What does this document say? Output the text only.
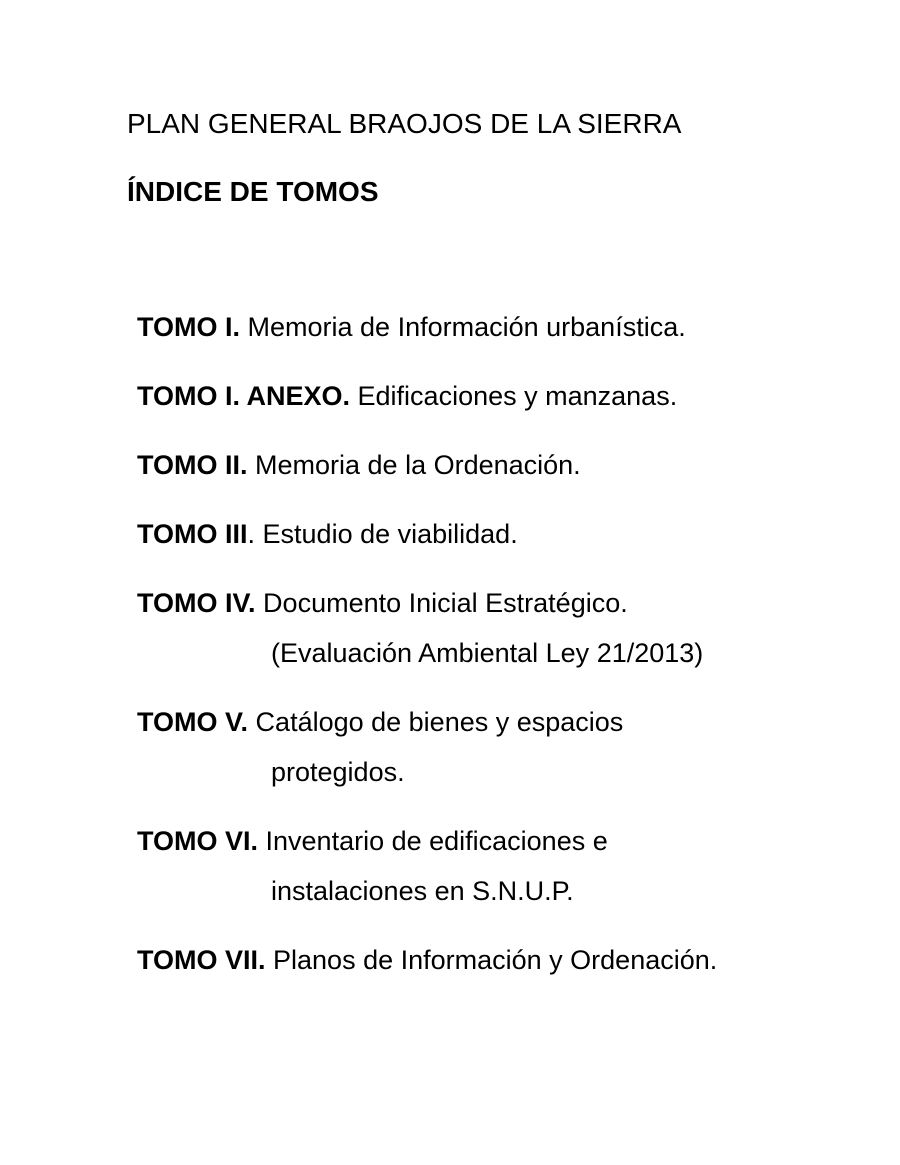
PLAN GENERAL BRAOJOS DE LA SIERRA
ÍNDICE DE TOMOS
TOMO I. Memoria de Información urbanística.
TOMO I. ANEXO. Edificaciones y manzanas.
TOMO II. Memoria de la Ordenación.
TOMO III. Estudio de viabilidad.
TOMO IV. Documento Inicial Estratégico.
(Evaluación Ambiental Ley 21/2013)
TOMO V. Catálogo de bienes y espacios
protegidos.
TOMO VI. Inventario de edificaciones e
instalaciones en S.N.U.P.
TOMO VII. Planos de Información y Ordenación.
